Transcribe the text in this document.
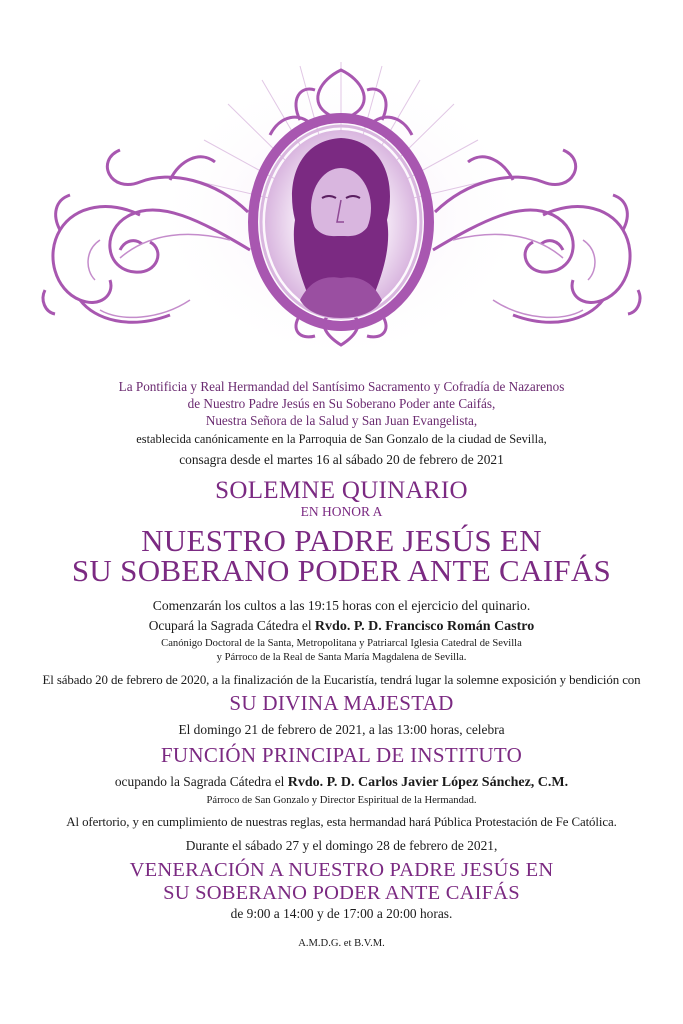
La Pontificia y Real Hermandad del Santísimo Sacramento y Cofradía de Nazarenos
de Nuestro Padre Jesús en Su Soberano Poder ante Caifás,
Nuestra Señora de la Salud y San Juan Evangelista,
establecida canónicamente en la Parroquia de San Gonzalo de la ciudad de Sevilla,
consagra desde el martes 16 al sábado 20 de febrero de 2021
SOLEMNE QUINARIO
EN HONOR A
NUESTRO PADRE JESÚS EN
SU SOBERANO PODER ANTE CAIFÁS
Comenzarán los cultos a las 19:15 horas con el ejercicio del quinario.
Ocupará la Sagrada Cátedra el Rvdo. P. D. Francisco Román Castro
Canónigo Doctoral de la Santa, Metropolitana y Patriarcal Iglesia Catedral de Sevilla
y Párroco de la Real de Santa María Magdalena de Sevilla.
El sábado 20 de febrero de 2020, a la finalización de la Eucaristía, tendrá lugar la solemne exposición y bendición con
SU DIVINA MAJESTAD
El domingo 21 de febrero de 2021, a las 13:00 horas, celebra
FUNCIÓN PRINCIPAL DE INSTITUTO
ocupando la Sagrada Cátedra el Rvdo. P. D. Carlos Javier López Sánchez, C.M.
Párroco de San Gonzalo y Director Espiritual de la Hermandad.
Al ofertorio, y en cumplimiento de nuestras reglas, esta hermandad hará Pública Protestación de Fe Católica.
Durante el sábado 27 y el domingo 28 de febrero de 2021,
VENERACIÓN A NUESTRO PADRE JESÚS EN
SU SOBERANO PODER ANTE CAIFÁS
de 9:00 a 14:00 y de 17:00 a 20:00 horas.
A.M.D.G. et B.V.M.
